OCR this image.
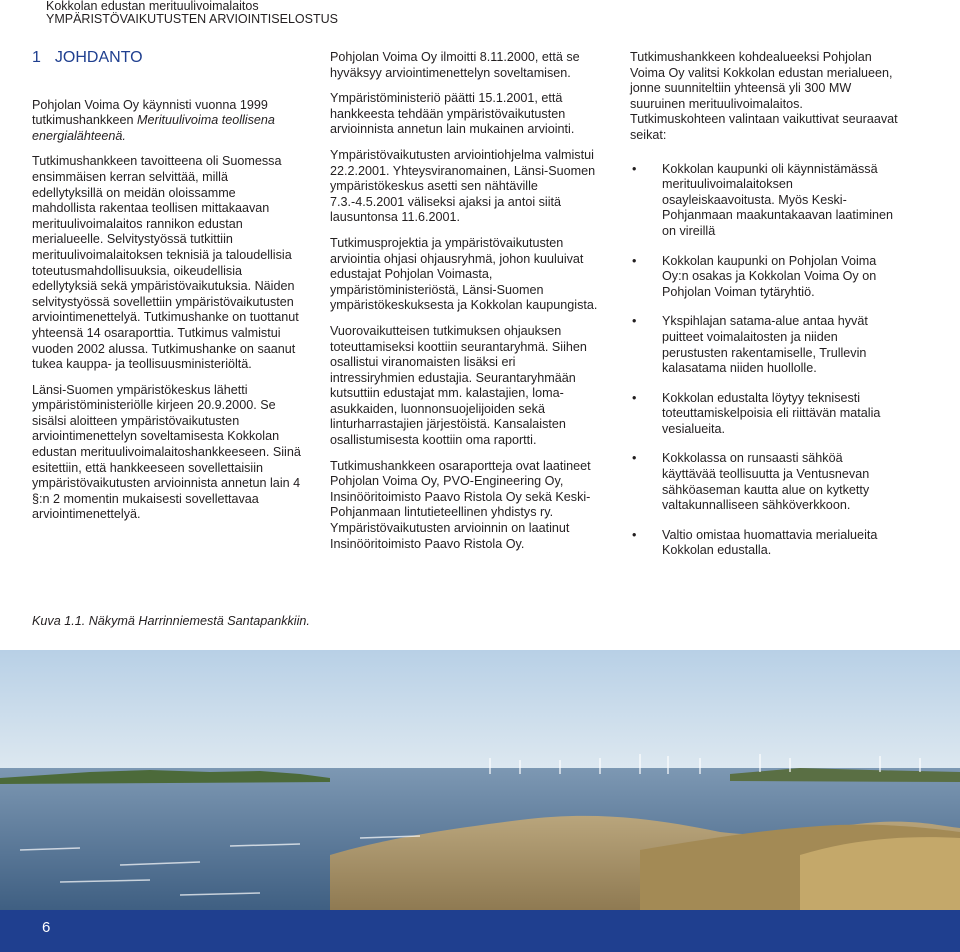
Kokkolan edustan merituulivoimalaitos
YMPÄRISTÖVAIKUTUSTEN ARVIOINTISELOSTUS
1 JOHDANTO

Pohjolan Voima Oy käynnisti vuonna 1999 tutkimushankkeen Merituulivoima teollisena energialähteenä.

Tutkimushankkeen tavoitteena oli Suomessa ensimmäisen kerran selvittää, millä edellytyksillä on meidän oloissamme mahdollista rakentaa teollisen mittakaavan merituulivoimalaitos rannikon edustan merialueelle. Selvitystyössä tutkittiin merituulivoimalaitoksen teknisiä ja taloudellisia toteutusmahdollisuuksia, oikeudellisia edellytyksiä sekä ympäristövaikutuksia. Näiden selvitystyössä sovellettiin ympäristövaikutusten arviointimenettelyä. Tutkimushanke on tuottanut yhteensä 14 osaraporttia. Tutkimus valmistui vuoden 2002 alussa. Tutkimushanke on saanut tukea kauppa- ja teollisuusministeriöltä.

Länsi-Suomen ympäristökeskus lähetti ympäristöministeriölle kirjeen 20.9.2000. Se sisälsi aloitteen ympäristövaikutusten arviointimenettelyn soveltamisesta Kokkolan edustan merituulivoimalaitoshankkeeseen. Siinä esitettiin, että hankkeeseen sovellettaisiin ympäristövaikutusten arvioinnista annetun lain 4 §:n 2 momentin mukaisesti sovellettavaa arviointimenettelyä.

Pohjolan Voima Oy ilmoitti 8.11.2000, että se hyväksyy arviointimenettelyn soveltamisen.

Ympäristöministeriö päätti 15.1.2001, että hankkeesta tehdään ympäristövaikutusten arvioinnista annetun lain mukainen arviointi.

Ympäristövaikutusten arviointiohjelma valmistui 22.2.2001. Yhteysviranomainen, Länsi-Suomen ympäristökeskus asetti sen nähtäville 7.3.-4.5.2001 väliseksi ajaksi ja antoi siitä lausuntonsa 11.6.2001.

Tutkimusprojektia ja ympäristövaikutusten arviointia ohjasi ohjausryhmä, johon kuuluivat edustajat Pohjolan Voimasta, ympäristöministeriöstä, Länsi-Suomen ympäristökeskuksesta ja Kokkolan kaupungista.

Vuorovaikutteisen tutkimuksen ohjauksen toteuttamiseksi koottiin seurantaryhmä. Siihen osallistui viranomaisten lisäksi eri intressiryhmien edustajia. Seurantaryhmään kutsuttiin edustajat mm. kalastajien, loma-asukkaiden, luonnonsuojelijoiden sekä linturharrastajien järjestöistä. Kansalaisten osallistumisesta koottiin oma raportti.

Tutkimushankkeen osaraportteja ovat laatineet Pohjolan Voima Oy, PVO-Engineering Oy, Insinööritoimisto Paavo Ristola Oy sekä Keski-Pohjanmaan lintutieteellinen yhdistys ry. Ympäristövaikutusten arvioinnin on laatinut Insinööritoimisto Paavo Ristola Oy.

Tutkimushankkeen kohdealueeksi Pohjolan Voima Oy valitsi Kokkolan edustan merialueen, jonne suunniteltiin yhteensä yli 300 MW suuruinen merituulivoimalaitos. Tutkimuskohteen valintaan vaikuttivat seuraavat seikat:

• Kokkolan kaupunki oli käynnistämässä merituulivoimalaitoksen osayleiskaavoitusta. Myös Keski-Pohjanmaan maakuntakaavan laatiminen on vireillä
• Kokkolan kaupunki on Pohjolan Voima Oy:n osakas ja Kokkolan Voima Oy on Pohjolan Voiman tytäryhtiö.
• Ykspihlajan satama-alue antaa hyvät puitteet voimalaitosten ja niiden perustusten rakentamiselle, Trullevin kalasatama niiden huollolle.
• Kokkolan edustalta löytyy teknisesti toteuttamiskelpoisia eli riittävän matalia vesialueita.
• Kokkolassa on runsaasti sähköä käyttävää teollisuutta ja Ventusnevan sähköaseman kautta alue on kytketty valtakunnalliseen sähköverkkoon.
• Valtio omistaa huomattavia merialueita Kokkolan edustalla.
Kuva 1.1. Näkymä Harrinniemestä Santapankkiin.
6
